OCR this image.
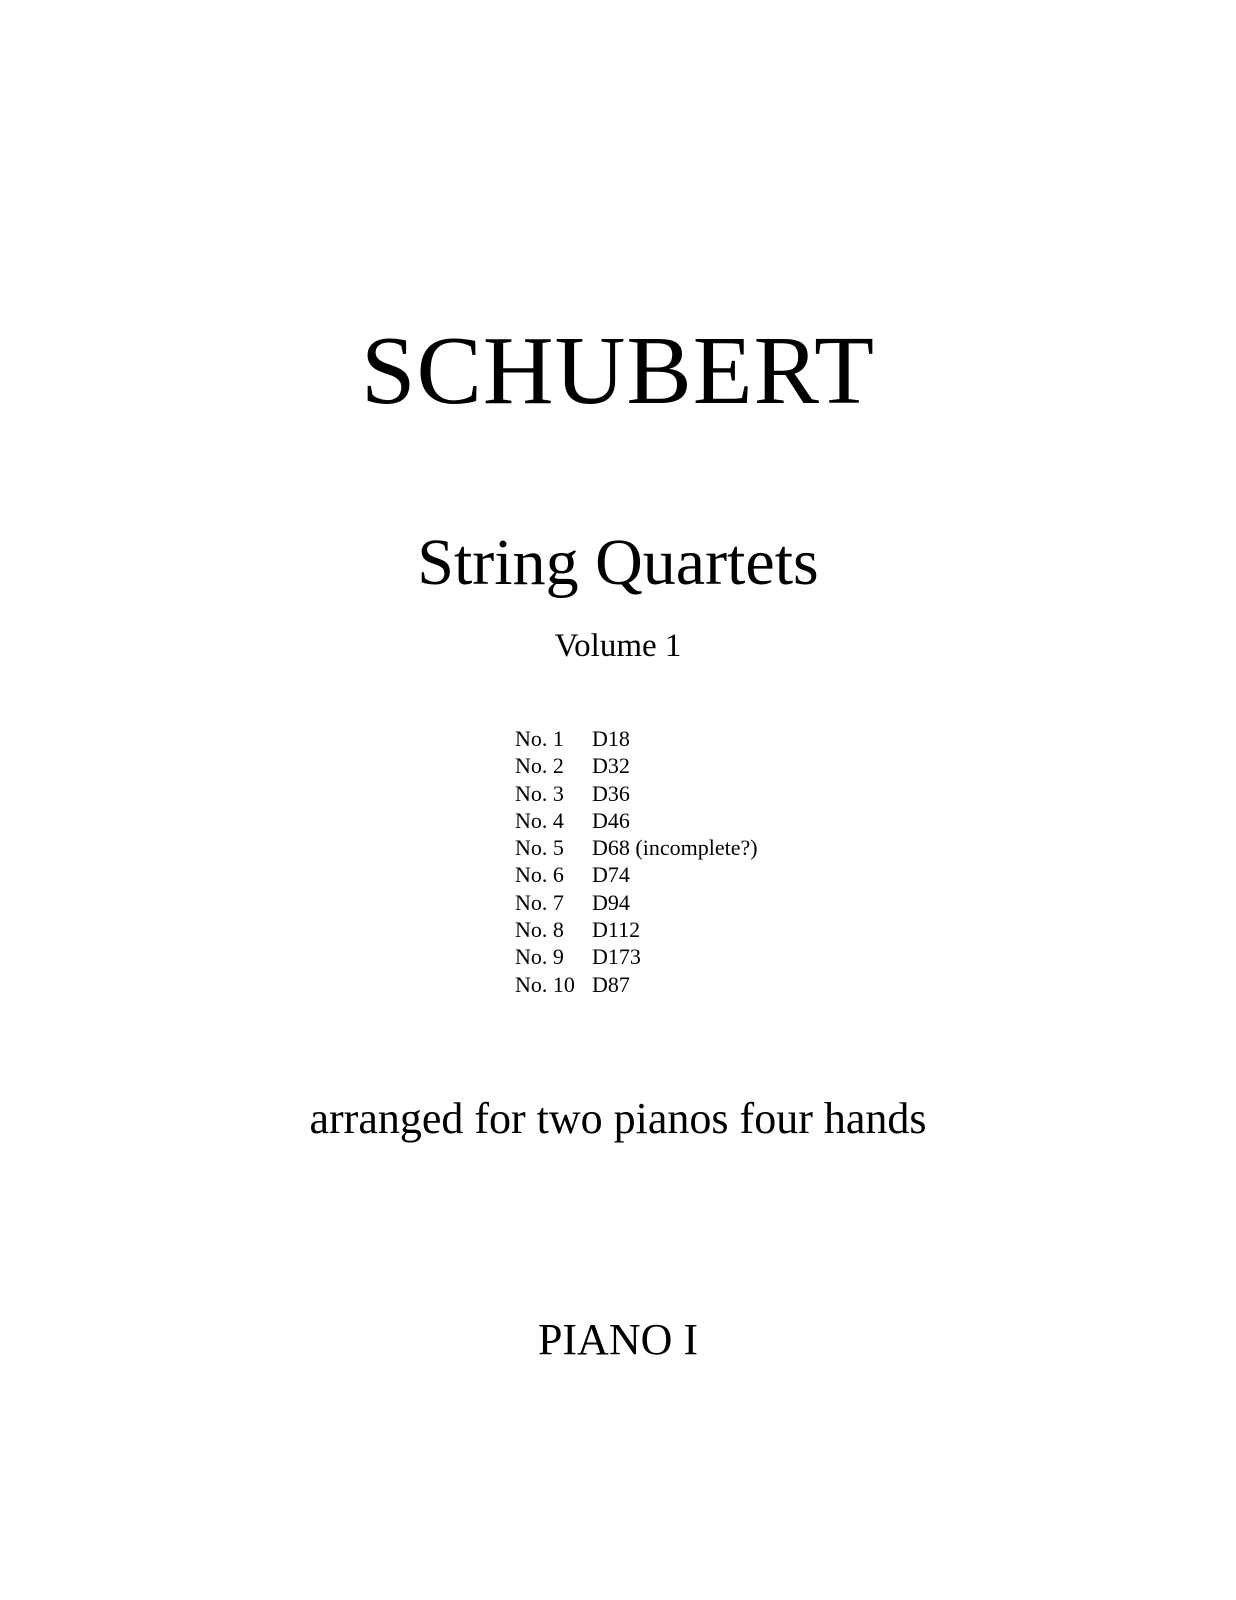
SCHUBERT
String Quartets
Volume 1
No. 1 D18
No. 2 D32
No. 3 D36
No. 4 D46
No. 5 D68 (incomplete?)
No. 6 D74
No. 7 D94
No. 8 D112
No. 9 D173
No. 10 D87
arranged for two pianos four hands
PIANO I
